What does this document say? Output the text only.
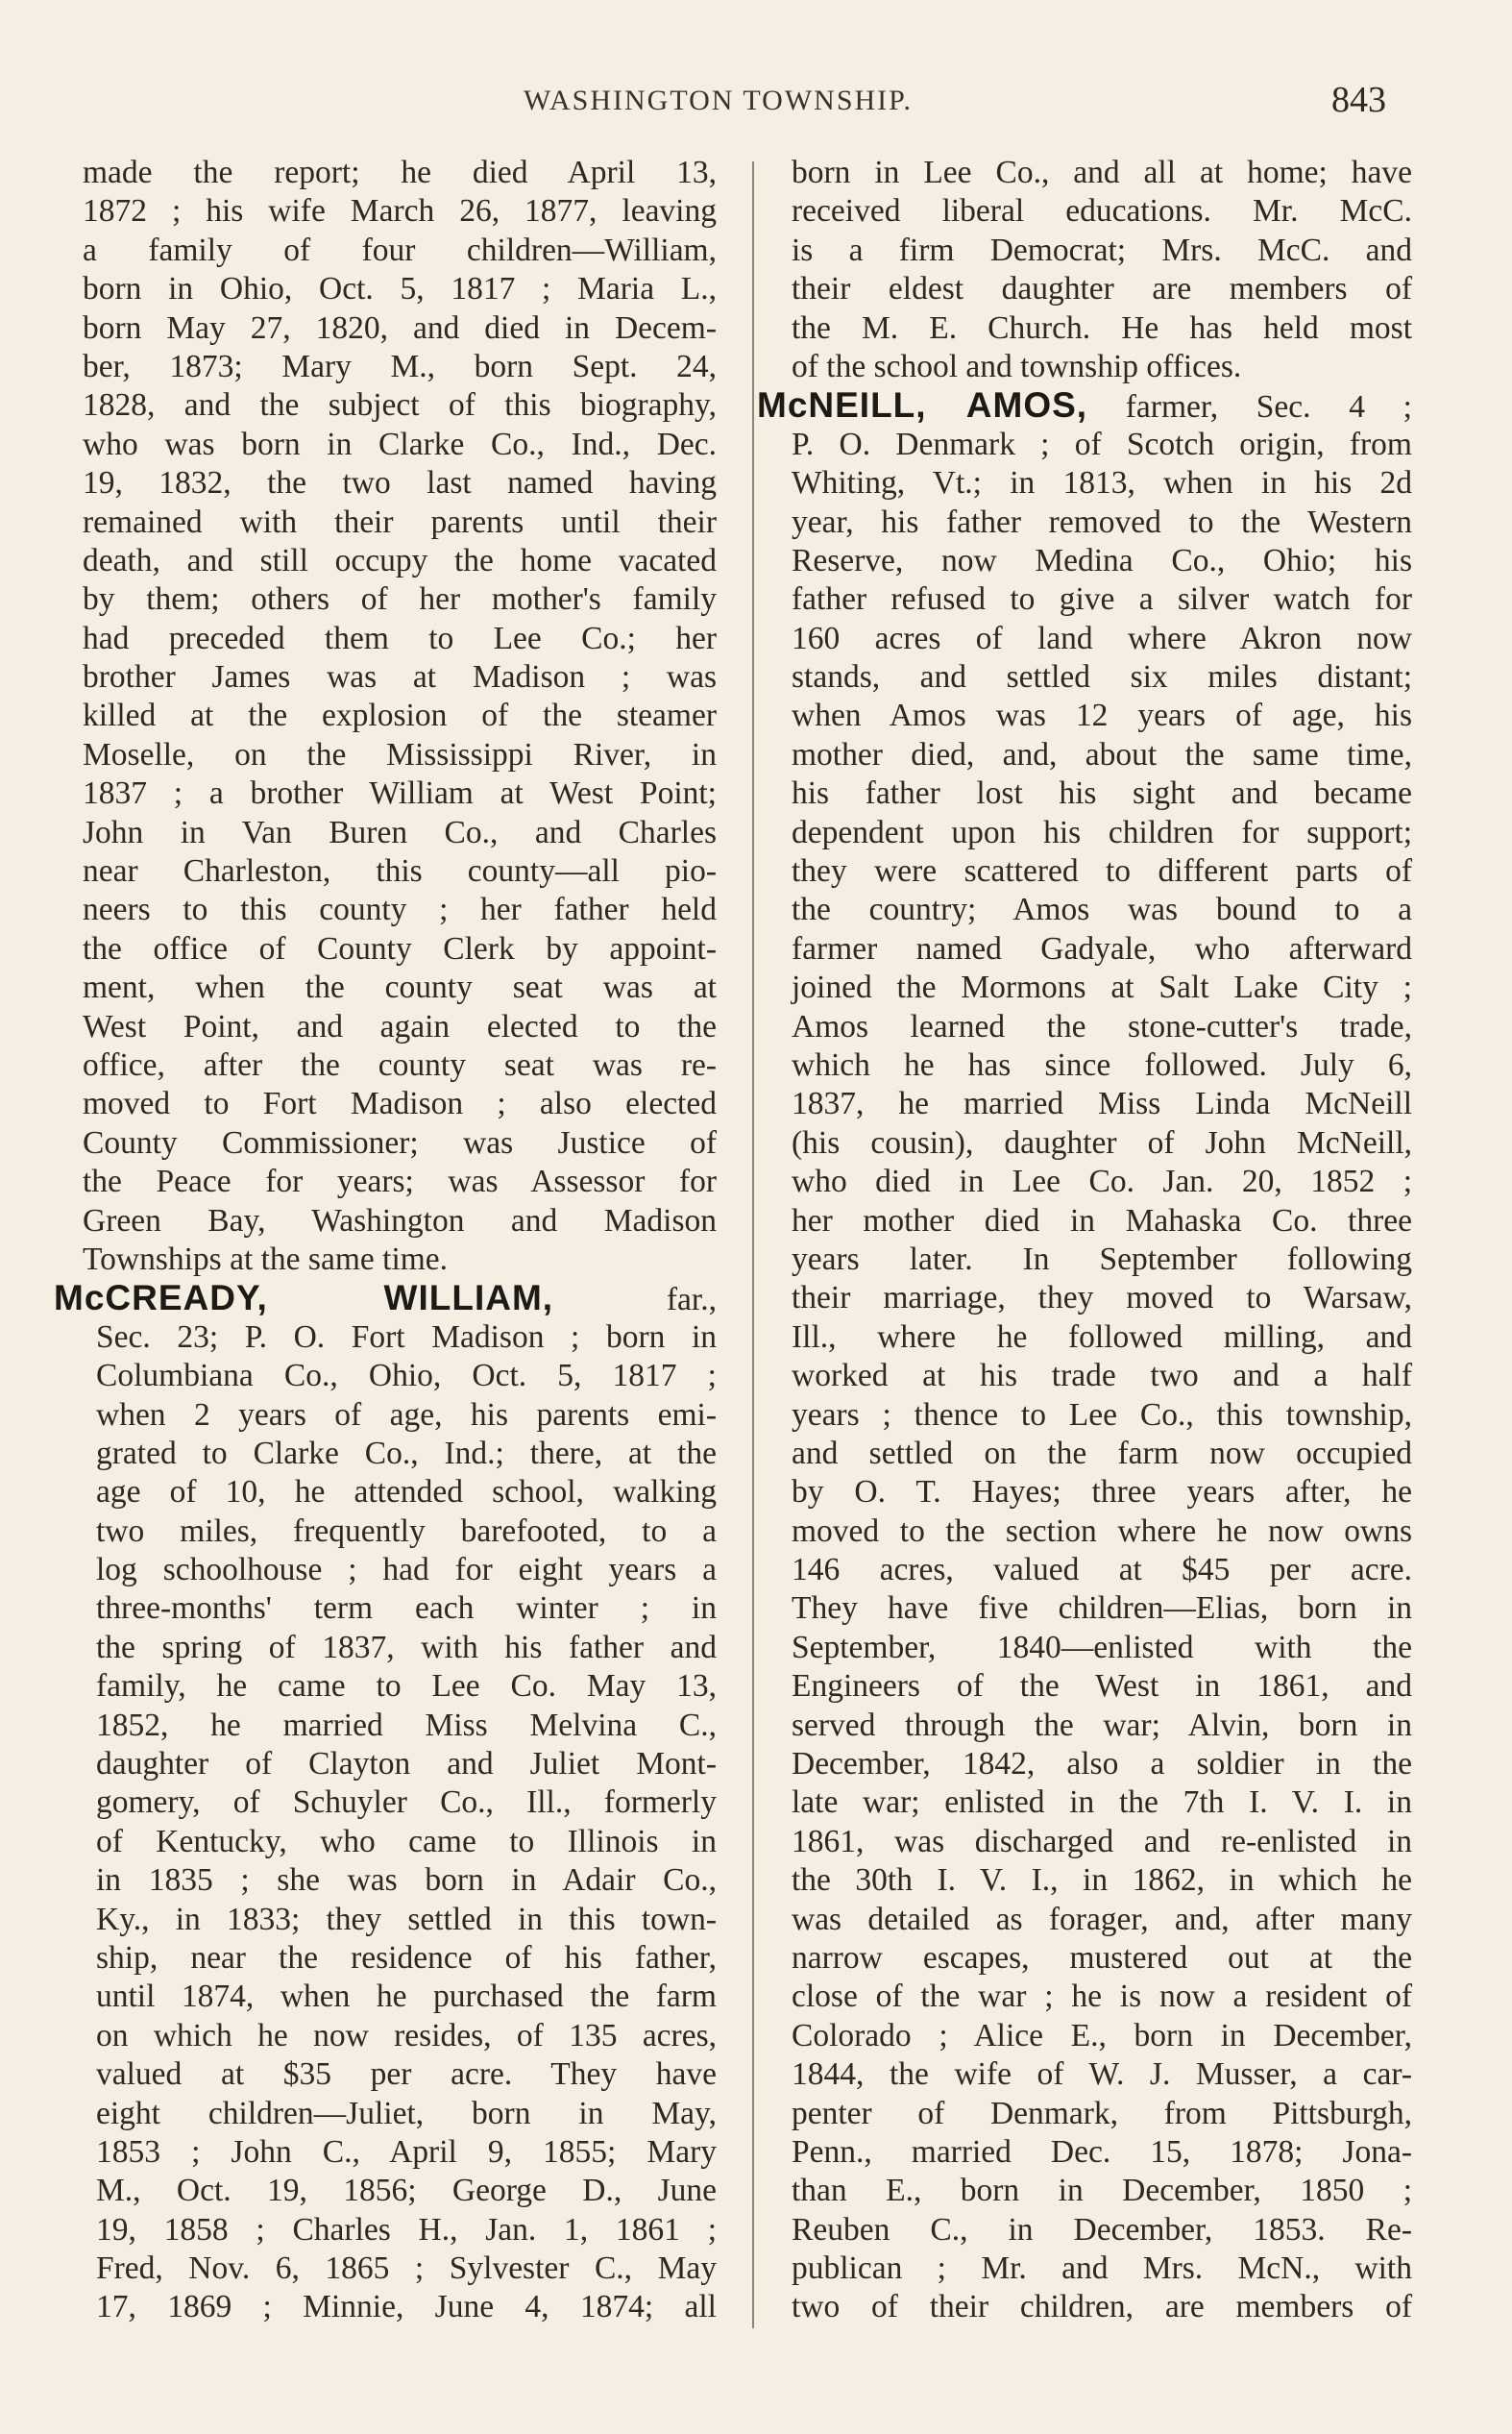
WASHINGTON TOWNSHIP.	843
made the report; he died April 13,
1872 ; his wife March 26, 1877, leaving
a family of four children—William,
born in Ohio, Oct. 5, 1817 ; Maria L.,
born May 27, 1820, and died in Decem-
ber, 1873; Mary M., born Sept. 24,
1828, and the subject of this biography,
who was born in Clarke Co., Ind., Dec.
19, 1832, the two last named having
remained with their parents until their
death, and still occupy the home vacated
by them; others of her mother's family
had preceded them to Lee Co.; her
brother James was at Madison ; was
killed at the explosion of the steamer
Moselle, on the Mississippi River, in
1837 ; a brother William at West Point;
John in Van Buren Co., and Charles
near Charleston, this county—all pio-
neers to this county ; her father held
the office of County Clerk by appoint-
ment, when the county seat was at
West Point, and again elected to the
office, after the county seat was re-
moved to Fort Madison ; also elected
County Commissioner; was Justice of
the Peace for years; was Assessor for
Green Bay, Washington and Madison
Townships at the same time.
McCREADY, WILLIAM,	far.,
Sec. 23; P. O. Fort Madison ; born in
Columbiana Co., Ohio, Oct. 5, 1817 ;
when 2 years of age, his parents emi-
grated to Clarke Co., Ind.; there, at the
age of 10, he attended school, walking
two miles, frequently barefooted, to a
log schoolhouse ; had for eight years a
three-months' term each winter ; in
the spring of 1837, with his father and
family, he came to Lee Co. May 13,
1852, he married Miss Melvina C.,
daughter of Clayton and Juliet Mont-
gomery, of Schuyler Co., Ill., formerly
of Kentucky, who came to Illinois in
in 1835 ; she was born in Adair Co.,
Ky., in 1833; they settled in this town-
ship, near the residence of his father,
until 1874, when he purchased the farm
on which he now resides, of 135 acres,
valued at $35 per acre. They have
eight children—Juliet, born in May,
1853 ; John C., April 9, 1855; Mary
M., Oct. 19, 1856; George D., June
19, 1858 ; Charles H., Jan. 1, 1861 ;
Fred, Nov. 6, 1865 ; Sylvester C., May
17, 1869 ; Minnie, June 4, 1874; all
born in Lee Co., and all at home; have
received liberal educations. Mr. McC.
is a firm Democrat; Mrs. McC. and
their eldest daughter are members of
the M. E. Church. He has held most
of the school and township offices.
McNEILL, AMOS, farmer, Sec. 4 ;
P. O. Denmark ; of Scotch origin, from
Whiting, Vt.; in 1813, when in his 2d
year, his father removed to the Western
Reserve, now Medina Co., Ohio; his
father refused to give a silver watch for
160 acres of land where Akron now
stands, and settled six miles distant;
when Amos was 12 years of age, his
mother died, and, about the same time,
his father lost his sight and became
dependent upon his children for support;
they were scattered to different parts of
the country; Amos was bound to a
farmer named Gadyale, who afterward
joined the Mormons at Salt Lake City ;
Amos learned the stone-cutter's trade,
which he has since followed. July 6,
1837, he married Miss Linda McNeill
(his cousin), daughter of John McNeill,
who died in Lee Co. Jan. 20, 1852 ;
her mother died in Mahaska Co. three
years later. In September following
their marriage, they moved to Warsaw,
Ill., where he followed milling, and
worked at his trade two and a half
years ; thence to Lee Co., this township,
and settled on the farm now occupied
by O. T. Hayes; three years after, he
moved to the section where he now owns
146 acres, valued at $45 per acre.
They have five children—Elias, born in
September, 1840—enlisted with the
Engineers of the West in 1861, and
served through the war; Alvin, born in
December, 1842, also a soldier in the
late war; enlisted in the 7th I. V. I. in
1861, was discharged and re-enlisted in
the 30th I. V. I., in 1862, in which he
was detailed as forager, and, after many
narrow escapes, mustered out at the
close of the war ; he is now a resident of
Colorado ; Alice E., born in December,
1844, the wife of W. J. Musser, a car-
penter of Denmark, from Pittsburgh,
Penn., married Dec. 15, 1878; Jona-
than E., born in December, 1850 ;
Reuben C., in December, 1853. Re-
publican ; Mr. and Mrs. McN., with
two of their children, are members of
